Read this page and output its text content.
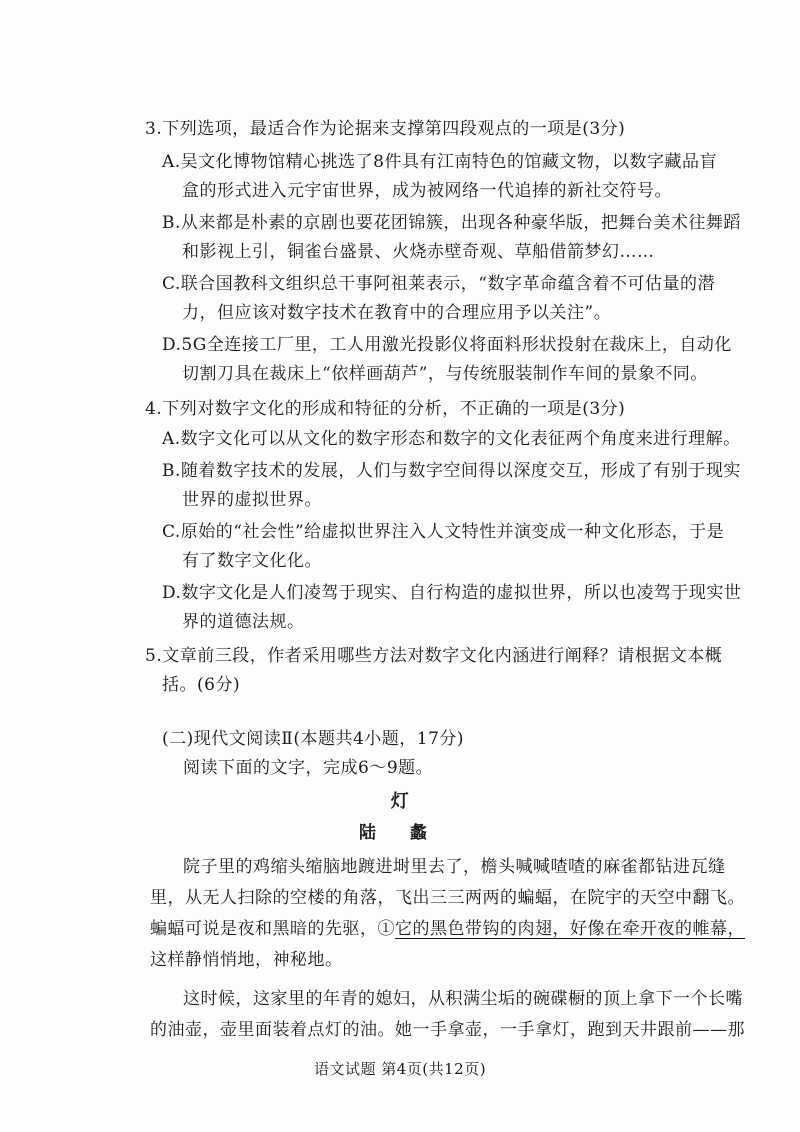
3.下列选项，最适合作为论据来支撑第四段观点的一项是(3分)
A.吴文化博物馆精心挑选了8件具有江南特色的馆藏文物，以数字藏品盲
盒的形式进入元宇宙世界，成为被网络一代追捧的新社交符号。
B.从来都是朴素的京剧也要花团锦簇，出现各种豪华版，把舞台美术往舞蹈
和影视上引，铜雀台盛景、火烧赤壁奇观、草船借箭梦幻……
C.联合国教科文组织总干事阿祖莱表示，“数字革命蕴含着不可估量的潜
力，但应该对数字技术在教育中的合理应用予以关注”。
D.5G全连接工厂里，工人用激光投影仪将面料形状投射在裁床上，自动化
切割刀具在裁床上“依样画葫芦”，与传统服装制作车间的景象不同。
4.下列对数字文化的形成和特征的分析，不正确的一项是(3分)
A.数字文化可以从文化的数字形态和数字的文化表征两个角度来进行理解。
B.随着数字技术的发展，人们与数字空间得以深度交互，形成了有别于现实
世界的虚拟世界。
C.原始的“社会性”给虚拟世界注入人文特性并演变成一种文化形态，于是
有了数字文化化。
D.数字文化是人们凌驾于现实、自行构造的虚拟世界，所以也凌驾于现实世
界的道德法规。
5.文章前三段，作者采用哪些方法对数字文化内涵进行阐释？请根据文本概
括。(6分)
(二)现代文阅读Ⅱ(本题共4小题，17分)
阅读下面的文字，完成6～9题。
灯
陆 蠡
院子里的鸡缩头缩脑地踱进埘里去了，檐头喊喊喳喳的麻雀都钻进瓦缝
里，从无人扫除的空楼的角落，飞出三三两两的蝙蝠，在院宇的天空中翻飞。
蝙蝠可说是夜和黑暗的先驱，①它的黑色带钩的肉翅，好像在牵开夜的帷幕，
这样静悄悄地，神秘地。
这时候，这家里的年青的媳妇，从积满尘垢的碗碟橱的顶上拿下一个长嘴
的油壶，壶里面装着点灯的油。她一手拿壶，一手拿灯，跑到天井跟前——那
语文试题 第4页(共12页)
